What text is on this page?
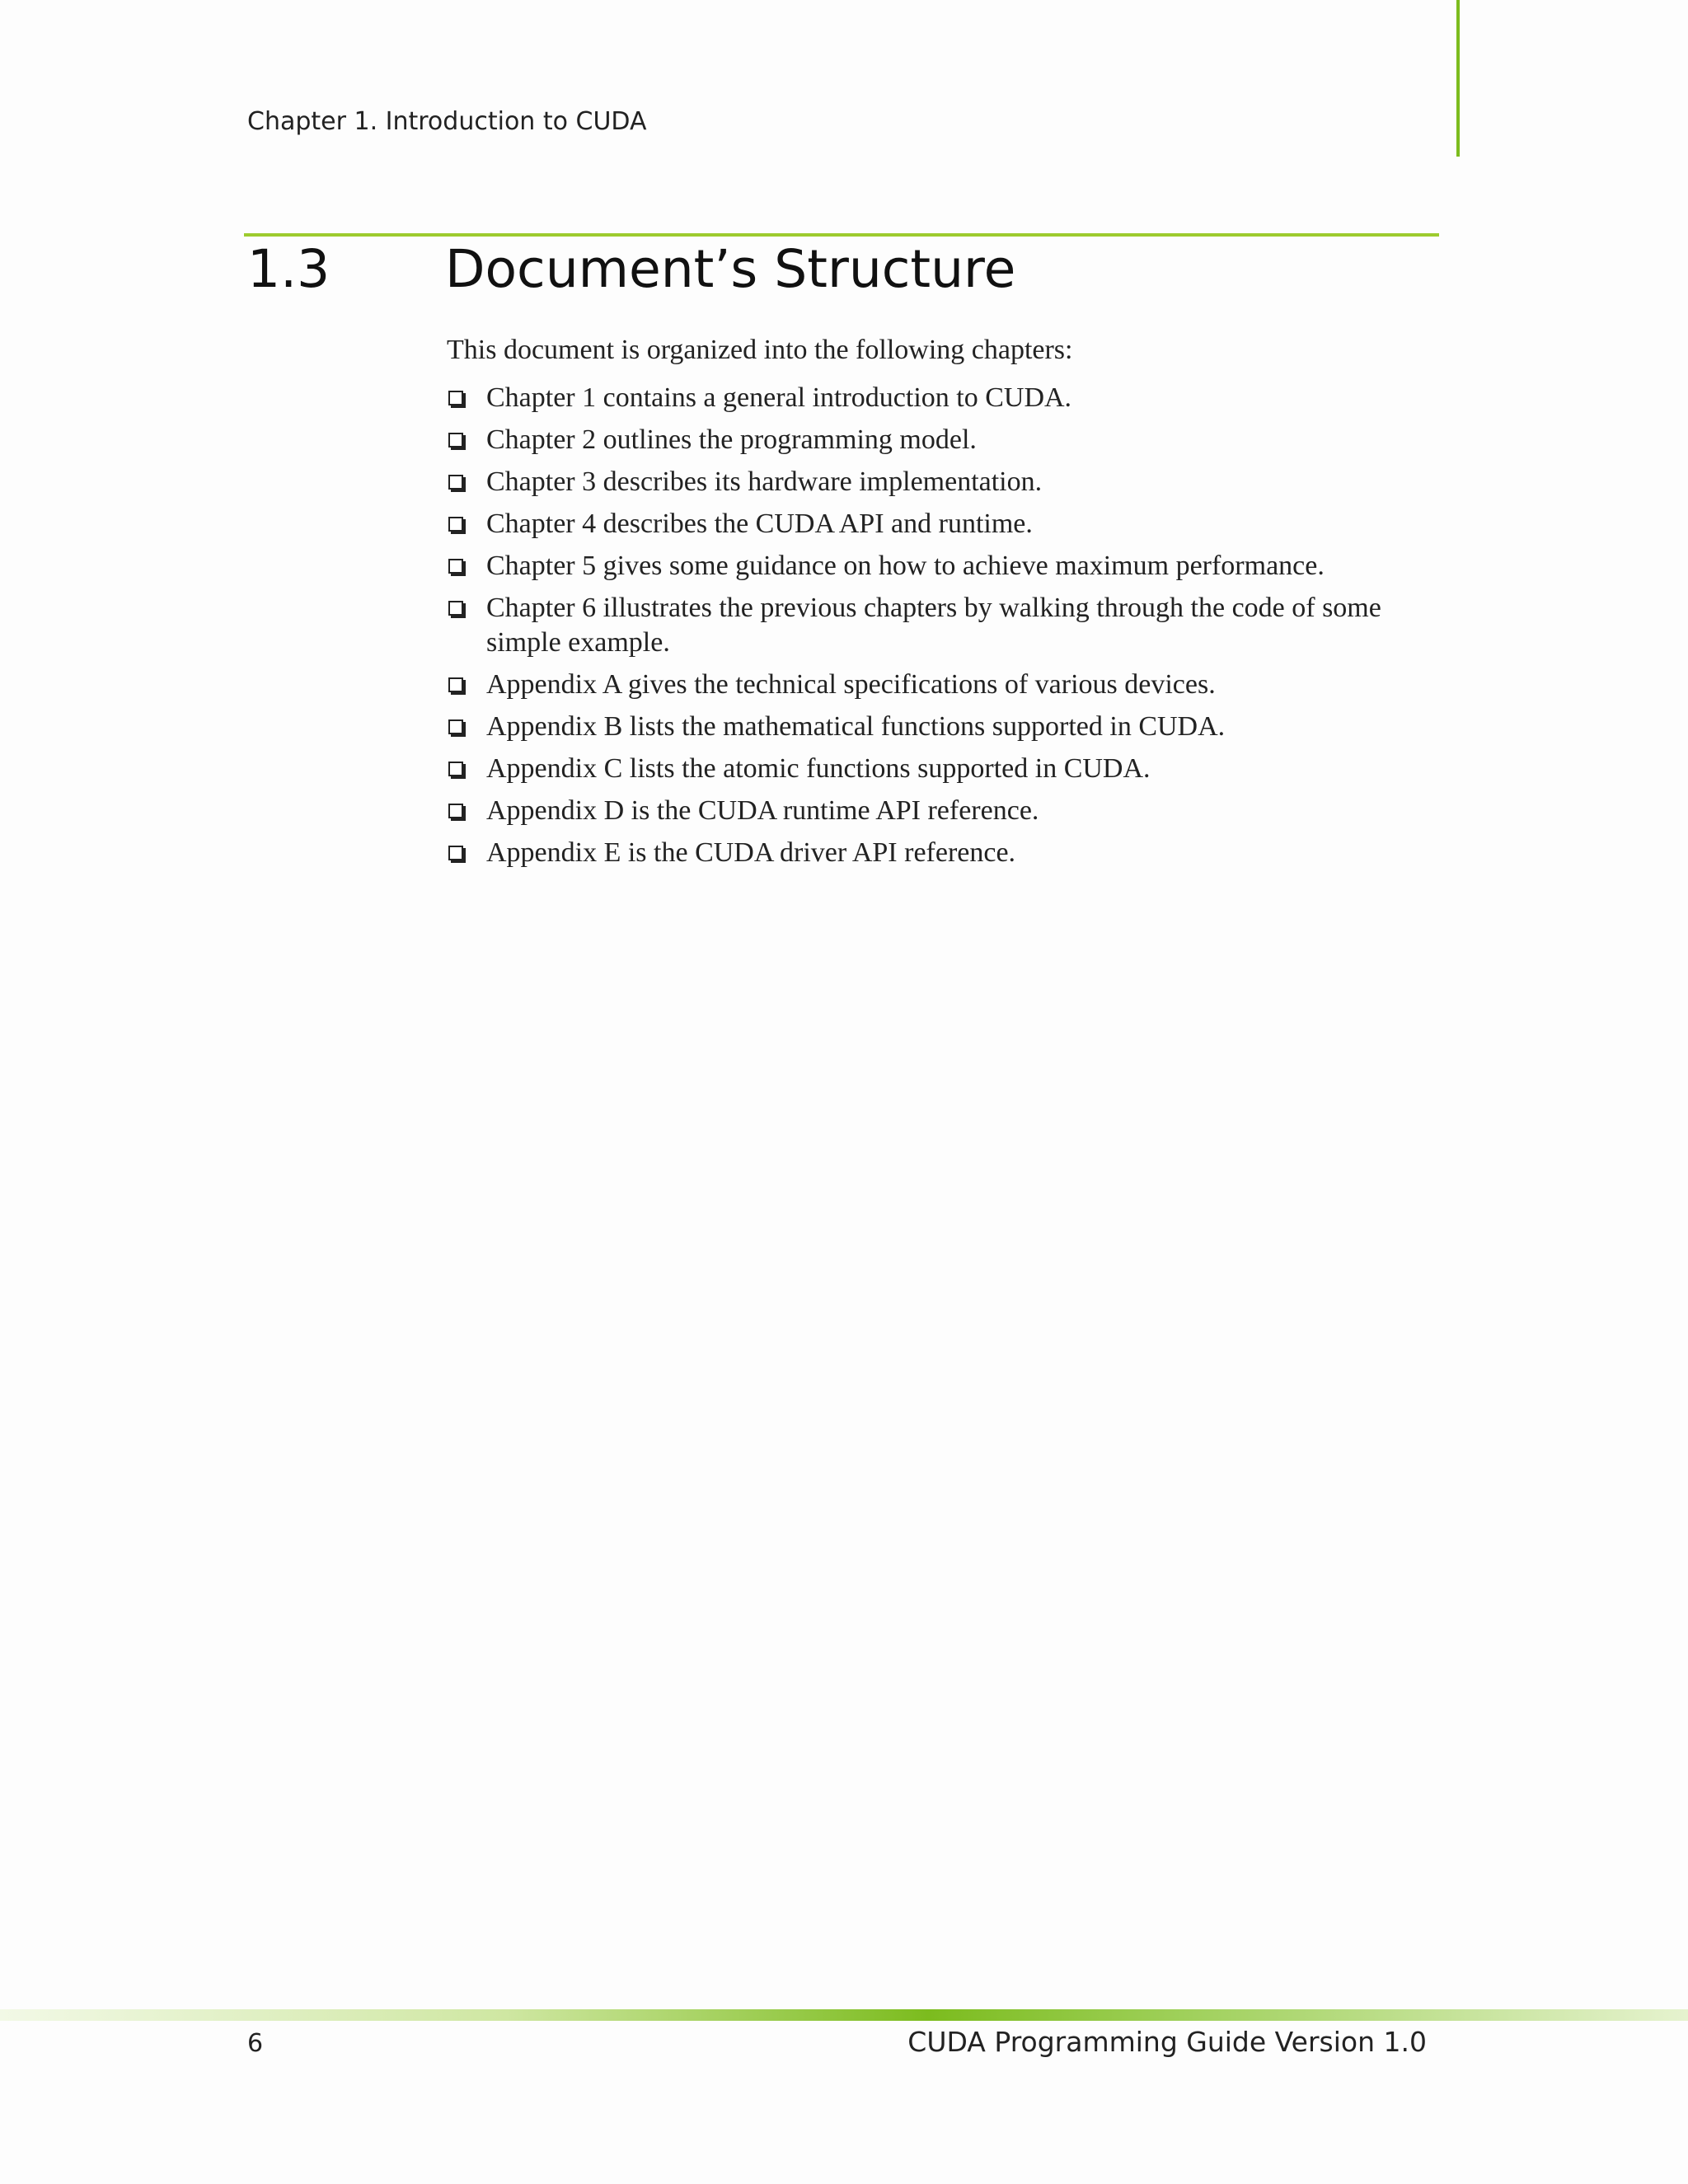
Chapter 1. Introduction to CUDA
1.3 Document’s Structure
This document is organized into the following chapters:
Chapter 1 contains a general introduction to CUDA.
Chapter 2 outlines the programming model.
Chapter 3 describes its hardware implementation.
Chapter 4 describes the CUDA API and runtime.
Chapter 5 gives some guidance on how to achieve maximum performance.
Chapter 6 illustrates the previous chapters by walking through the code of some simple example.
Appendix A gives the technical specifications of various devices.
Appendix B lists the mathematical functions supported in CUDA.
Appendix C lists the atomic functions supported in CUDA.
Appendix D is the CUDA runtime API reference.
Appendix E is the CUDA driver API reference.
6	CUDA Programming Guide Version 1.0
